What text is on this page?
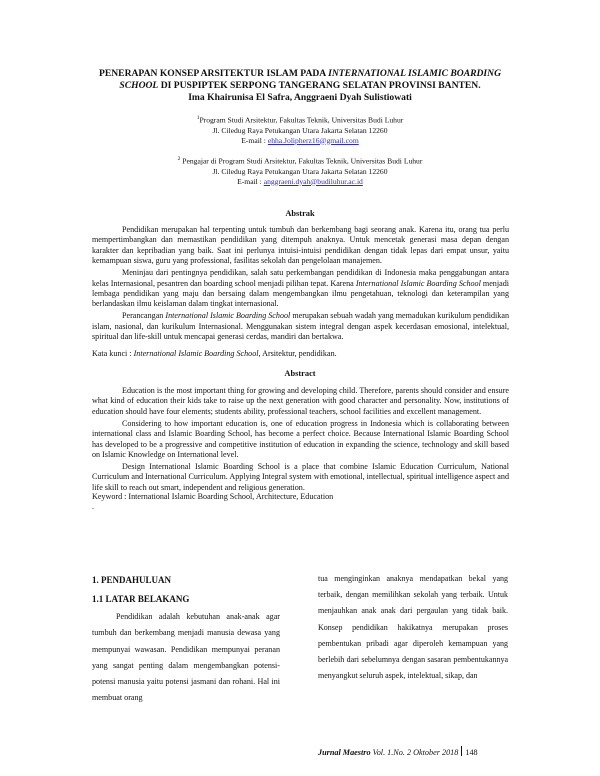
PENERAPAN KONSEP ARSITEKTUR ISLAM PADA INTERNATIONAL ISLAMIC BOARDING
SCHOOL DI PUSPIPTEK SERPONG TANGERANG SELATAN PROVINSI BANTEN.
Ima Khairunisa El Safra, Anggraeni Dyah Sulistiowati
$^1$Program Studi Arsitektur, Fakultas Teknik, Universitas Budi Luhur
Jl. Ciledug Raya Petukangan Utara Jakarta Selatan 12260
E-mail : ehha.Jolipherz16@gmail.com
$^2$ Pengajar di Program Studi Arsitektur, Fakultas Teknik, Universitas Budi Luhur
Jl. Ciledug Raya Petukangan Utara Jakarta Selatan 12260
E-mail : anggraeni.dyah@budiluhur.ac.id
Abstrak

Pendidikan merupakan hal terpenting untuk tumbuh dan berkembang bagi seorang anak. Karena itu, orang tua perlu mempertimbangkan dan memastikan pendidikan yang ditempuh anaknya. Untuk mencetak generasi masa depan dengan karakter dan kepribadian yang baik. Saat ini perlunya intuisi-intuisi pendidikan dengan tidak lepas dari empat unsur, yaitu kemampuan siswa, guru yang professional, fasilitas sekolah dan pengelolaan manajemen.

Meninjau dari pentingnya pendidikan, salah satu perkembangan pendidikan di Indonesia maka penggabungan antara kelas Internasional, pesantren dan boarding school menjadi pilihan tepat. Karena International Islamic Boarding School menjadi lembaga pendidikan yang maju dan bersaing dalam mengembangkan ilmu pengetahuan, teknologi dan keterampilan yang berlandaskan ilmu keislaman dalam tingkat internasional.

Perancangan International Islamic Boarding School merupakan sebuah wadah yang memadukan kurikulum pendidikan islam, nasional, dan kurikulum Internasional. Menggunakan sistem integral dengan aspek kecerdasan emosional, intelektual, spiritual dan life-skill untuk mencapai generasi cerdas, mandiri dan bertakwa.

Kata kunci : International Islamic Boarding School, Arsitektur, pendidikan.
Abstract

Education is the most important thing for growing and developing child. Therefore, parents should consider and ensure what kind of education their kids take to raise up the next generation with good character and personality. Now, institutions of education should have four elements; students ability, professional teachers, school facilities and excellent management.

Considering to how important education is, one of education progress in Indonesia which is collaborating between international class and Islamic Boarding School, has become a perfect choice. Because International Islamic Boarding School has developed to be a progressive and competitive institution of education in expanding the science, technology and skill based on Islamic Knowledge on International level.

Design International Islamic Boarding School is a place that combine Islamic Education Curriculum, National Curriculum and International Curriculum. Applying Integral system with emotional, intellectual, spiritual intelligence aspect and life skill to reach out smart, independent and religious generation.

Keyword : International Islamic Boarding School, Architecture, Education
.
1. PENDAHULUAN
1.1 LATAR BELAKANG

Pendidikan adalah kebutuhan anak-anak agar tumbuh dan berkembang menjadi manusia dewasa yang mempunyai wawasan. Pendidikan mempunyai peranan yang sangat penting dalam mengembangkan potensi-potensi manusia yaitu potensi jasmani dan rohani. Hal ini membuat orang

tua menginginkan anaknya mendapatkan bekal yang terbaik, dengan memilihkan sekolah yang terbaik. Untuk menjauhkan anak anak dari pergaulan yang tidak baik. Konsep pendidikan hakikatnya merupakan proses pembentukan pribadi agar diperoleh kemampuan yang berlebih dari sebelumnya dengan sasaran pembentukannya menyangkut seluruh aspek, intelektual, sikap, dan

Jurnal Maestro Vol. 1.No. 2 Oktober 2018 148
